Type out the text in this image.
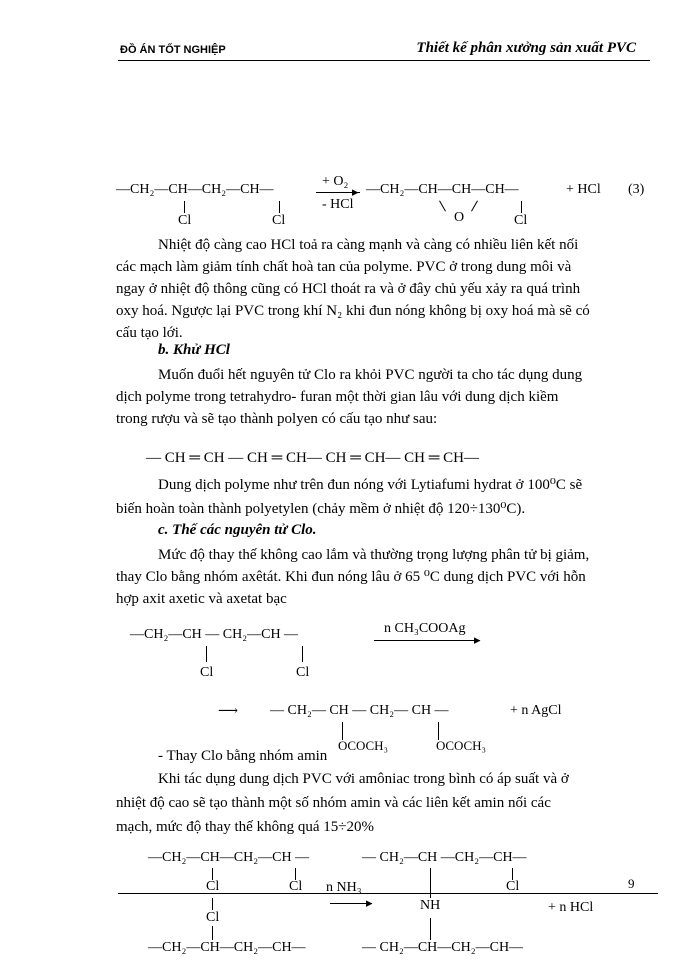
ĐỒ ÁN TỐT NGHIỆP	Thiết kế phân xưởng sản xuất PVC
—CH₂—CH—CH₂—CH—
Cl	Cl
+ O₂
▸
- HCl
—CH₂—CH—CH—CH—
O	Cl
+ HCl (3)
Nhiệt độ càng cao HCl toả ra càng mạnh và càng có nhiều liên kết nối
các mạch làm giảm tính chất hoà tan của polyme. PVC ở trong dung môi và
ngay ở nhiệt độ thông cũng có HCl thoát ra và ở đây chủ yếu xảy ra quá trình
oxy hoá. Ngược lại PVC trong khí N₂ khi đun nóng không bị oxy hoá mà sẽ có
cấu tạo lới.
b. Khử HCl
Muốn đuổi hết nguyên tử Clo ra khỏi PVC người ta cho tác dụng dung
dịch polyme trong tetrahydro- furan một thời gian lâu với dung dịch kiềm
trong rượu và sẽ tạo thành polyen có cấu tạo như sau:
— CH ═ CH — CH ═ CH— CH ═ CH— CH ═ CH—
Dung dịch polyme như trên đun nóng với Lytiafumi hydrat ở 100⁰C sẽ
biến hoàn toàn thành polyetylen (chảy mềm ở nhiệt độ 120÷130⁰C).
c. Thế các nguyên tử Clo.
Mức độ thay thế không cao lắm và thường trọng lượng phân tử bị giảm,
thay Clo bằng nhóm axêtát. Khi đun nóng lâu ở 65 ⁰C dung dịch PVC với hỗn
hợp axit axetic và axetat bạc
—CH₂—CH — CH₂—CH —
Cl	Cl
n CH₃COOAg
▸
⟶ — CH₂— CH — CH₂— CH —
OCOCH₃	OCOCH₃
+ n AgCl
- Thay Clo bằng nhóm amin
Khi tác dụng dung dịch PVC với amôniac trong bình có áp suất và ở
nhiệt độ cao sẽ tạo thành một số nhóm amin và các liên kết amin nối các
mạch, mức độ thay thế không quá 15÷20%
—CH₂—CH—CH₂—CH —
Cl	Cl n NH₃
▸
— CH₂—CH —CH₂—CH—
Cl
NH
Cl
+ n HCl
—CH₂—CH—CH₂—CH—	— CH₂—CH—CH₂—CH—
9
